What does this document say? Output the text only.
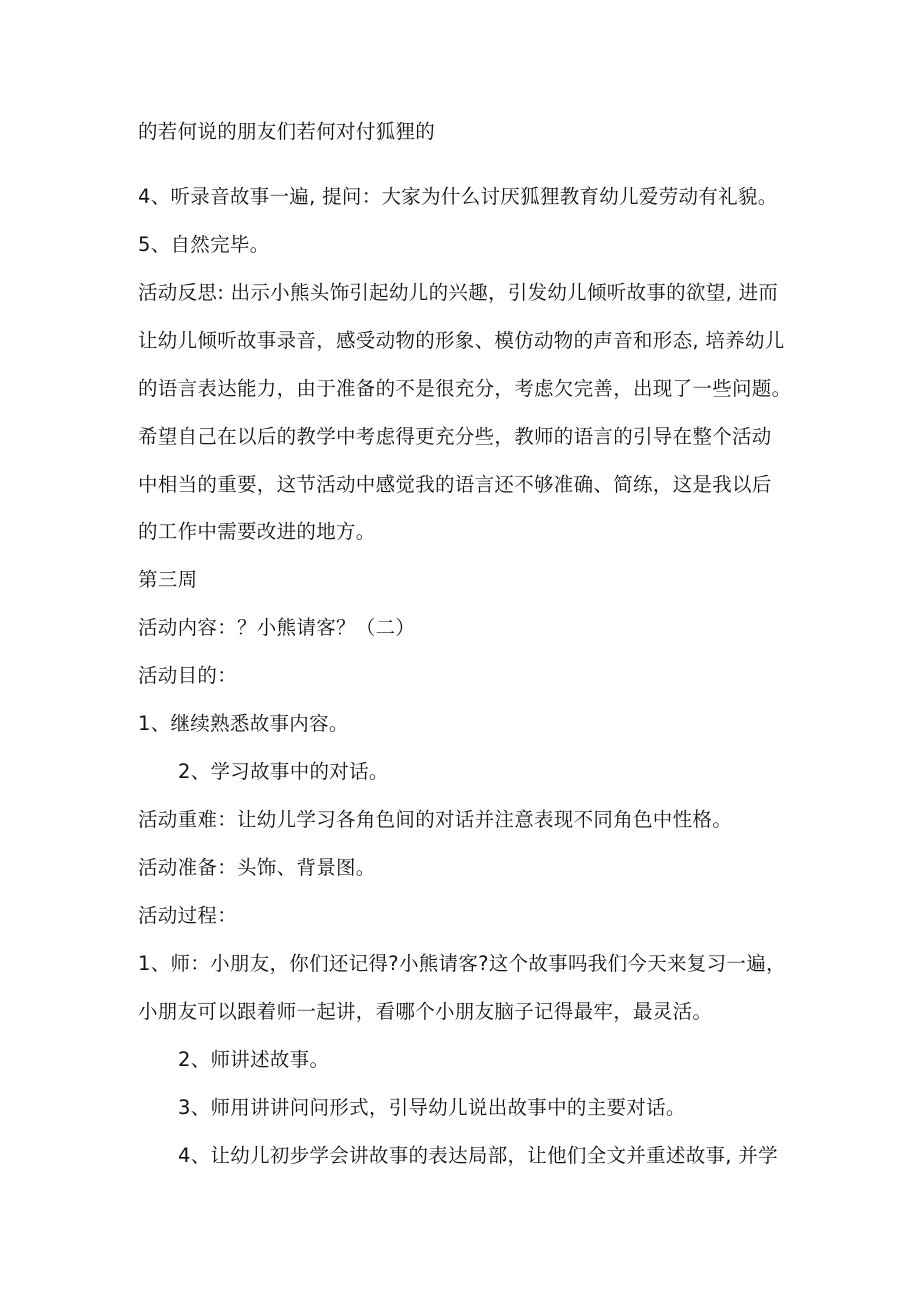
的若何说的朋友们若何对付狐狸的
4、听录音故事一遍, 提问：大家为什么讨厌狐狸教育幼儿爱劳动有礼貌。
5、自然完毕。
活动反思: 出示小熊头饰引起幼儿的兴趣，引发幼儿倾听故事的欲望, 进而
让幼儿倾听故事录音，感受动物的形象、模仿动物的声音和形态, 培养幼儿
的语言表达能力，由于准备的不是很充分，考虑欠完善，出现了一些问题。
希望自己在以后的教学中考虑得更充分些，教师的语言的引导在整个活动
中相当的重要，这节活动中感觉我的语言还不够准确、简练，这是我以后
的工作中需要改进的地方。
第三周
活动内容：？小熊请客？（二）
活动目的：
1、继续熟悉故事内容。
2、学习故事中的对话。
活动重难：让幼儿学习各角色间的对话并注意表现不同角色中性格。
活动准备：头饰、背景图。
活动过程：
1、师：小朋友，你们还记得?小熊请客?这个故事吗我们今天来复习一遍，
小朋友可以跟着师一起讲，看哪个小朋友脑子记得最牢，最灵活。
2、师讲述故事。
3、师用讲讲问问形式，引导幼儿说出故事中的主要对话。
4、让幼儿初步学会讲故事的表达局部，让他们全文并重述故事, 并学
